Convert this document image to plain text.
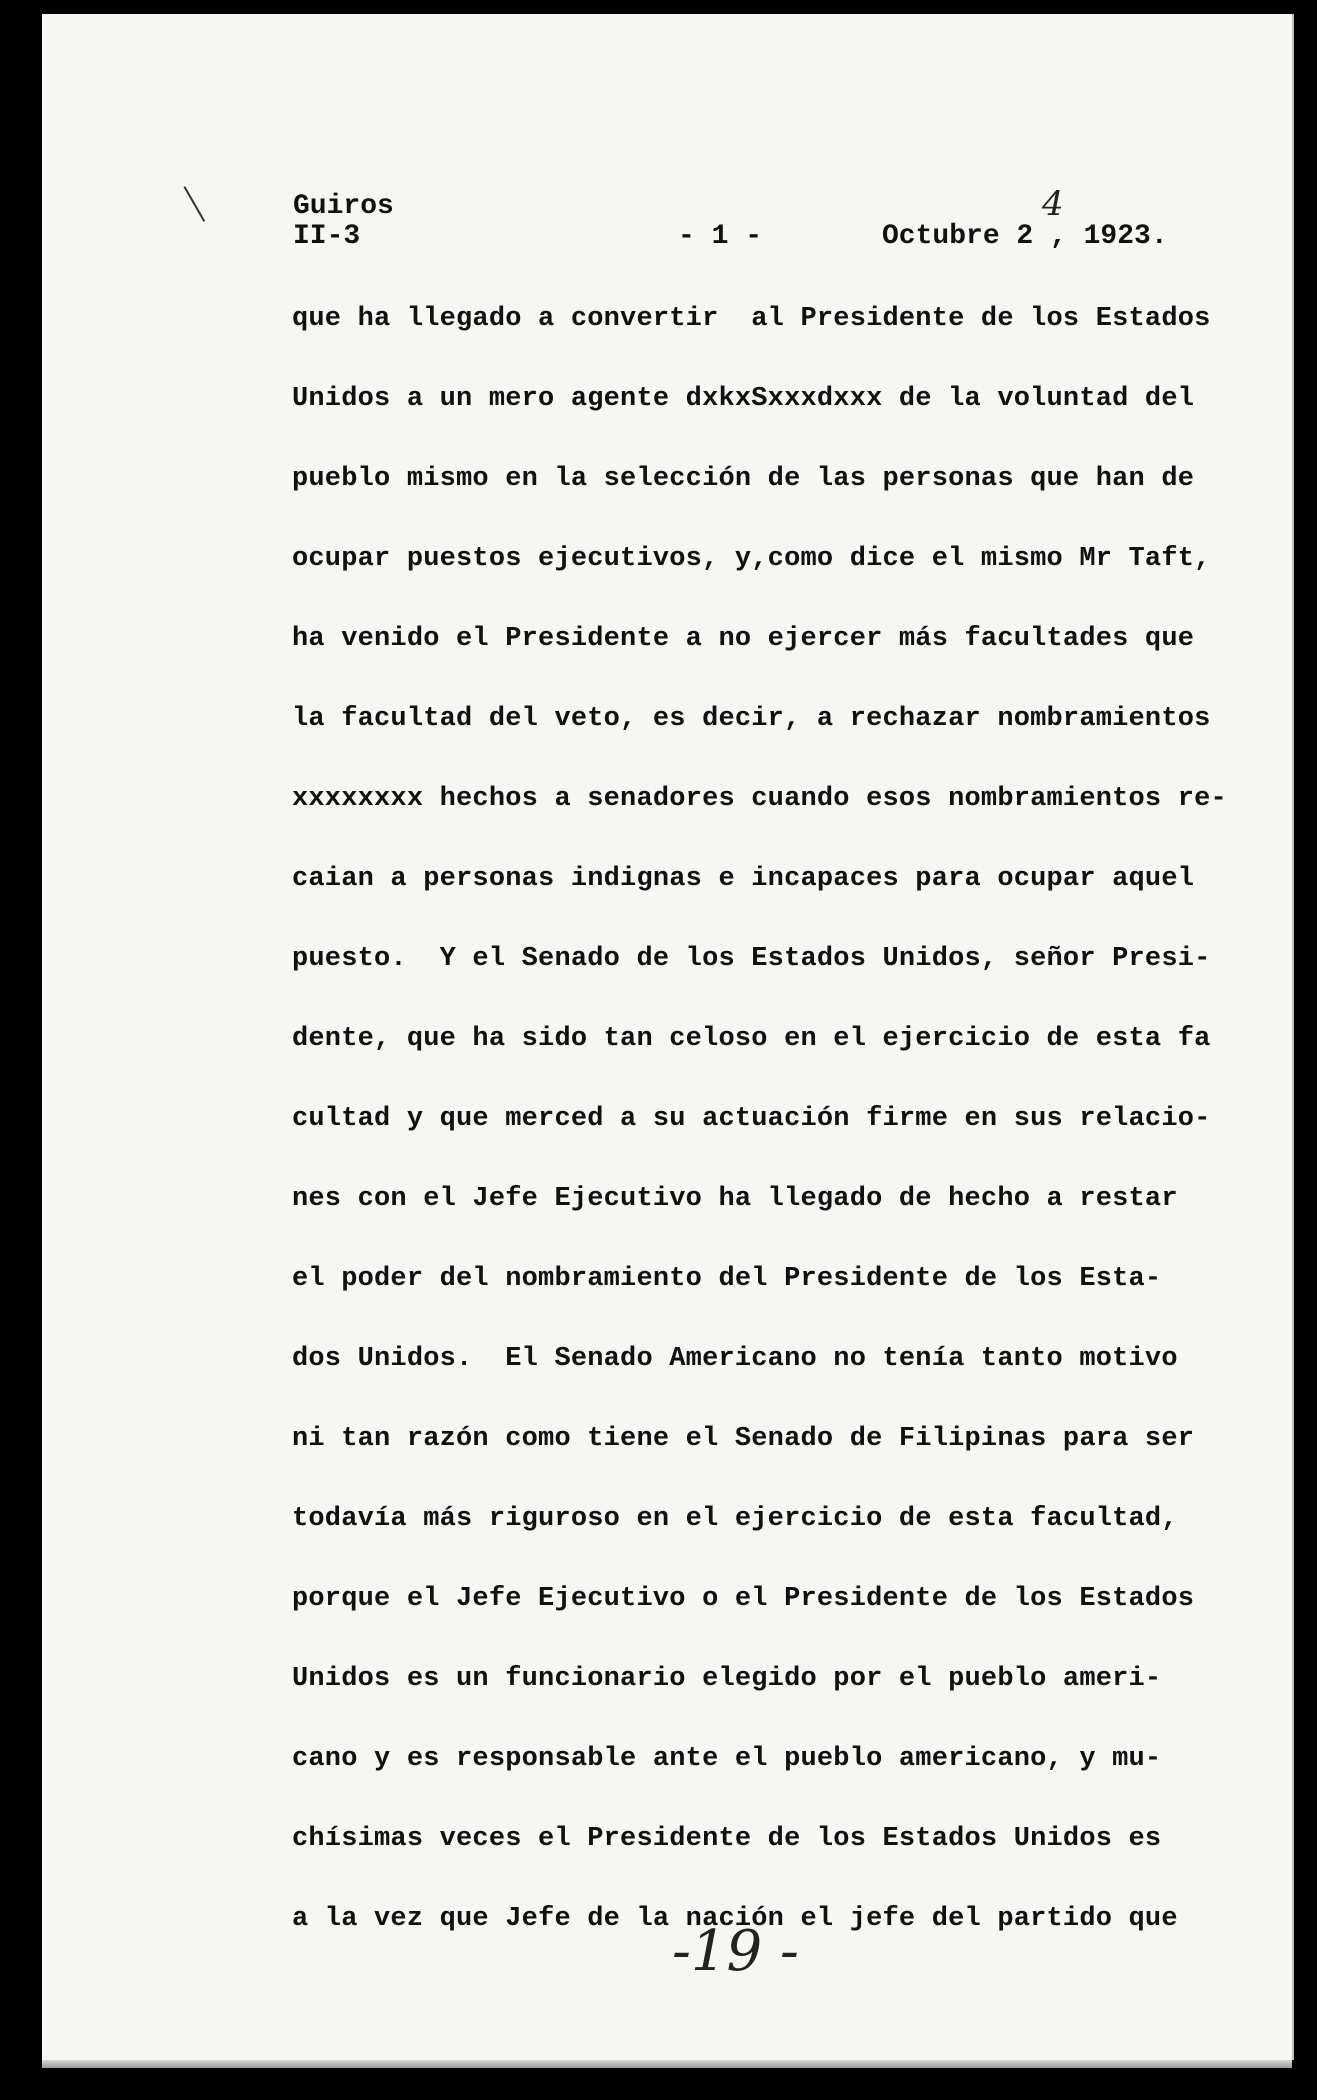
Guiros
II-3	- 1 -	Octubre 2 , 1923.
4
que ha llegado a convertir  al Presidente de los Estados
Unidos a un mero agente dxkxSxxxdxxx de la voluntad del
pueblo mismo en la selección de las personas que han de
ocupar puestos ejecutivos, y,como dice el mismo Mr Taft,
ha venido el Presidente a no ejercer más facultades que
la facultad del veto, es decir, a rechazar nombramientos
xxxxxxxx hechos a senadores cuando esos nombramientos re-
caian a personas indignas e incapaces para ocupar aquel
puesto.  Y el Senado de los Estados Unidos, señor Presi-
dente, que ha sido tan celoso en el ejercicio de esta fa
cultad y que merced a su actuación firme en sus relacio-
nes con el Jefe Ejecutivo ha llegado de hecho a restar
el poder del nombramiento del Presidente de los Esta-
dos Unidos.  El Senado Americano no tenía tanto motivo
ni tan razón como tiene el Senado de Filipinas para ser
todavía más riguroso en el ejercicio de esta facultad,
porque el Jefe Ejecutivo o el Presidente de los Estados
Unidos es un funcionario elegido por el pueblo ameri-
cano y es responsable ante el pueblo americano, y mu-
chísimas veces el Presidente de los Estados Unidos es
a la vez que Jefe de la nación el jefe del partido que
-19 -
